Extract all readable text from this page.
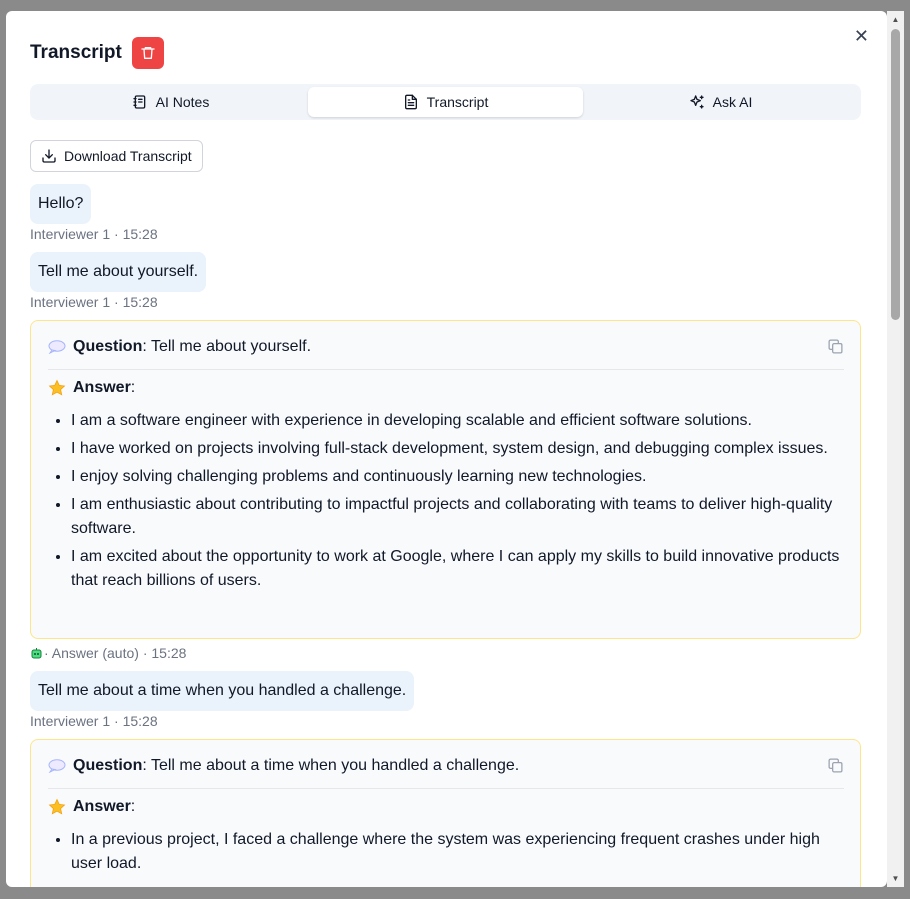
✕
Transcript
AI Notes	Transcript	Ask AI
Download Transcript
Hello?
Interviewer 1 · 15:28
Tell me about yourself.
Interviewer 1 · 15:28
Question: Tell me about yourself.
Answer:
• I am a software engineer with experience in developing scalable and efficient software solutions.
• I have worked on projects involving full-stack development, system design, and debugging complex issues.
• I enjoy solving challenging problems and continuously learning new technologies.
• I am enthusiastic about contributing to impactful projects and collaborating with teams to deliver high-quality software.
• I am excited about the opportunity to work at Google, where I can apply my skills to build innovative products that reach billions of users.
· Answer (auto) · 15:28
Tell me about a time when you handled a challenge.
Interviewer 1 · 15:28
Question: Tell me about a time when you handled a challenge.
Answer:
• In a previous project, I faced a challenge where the system was experiencing frequent crashes under high user load.
▲
▼
